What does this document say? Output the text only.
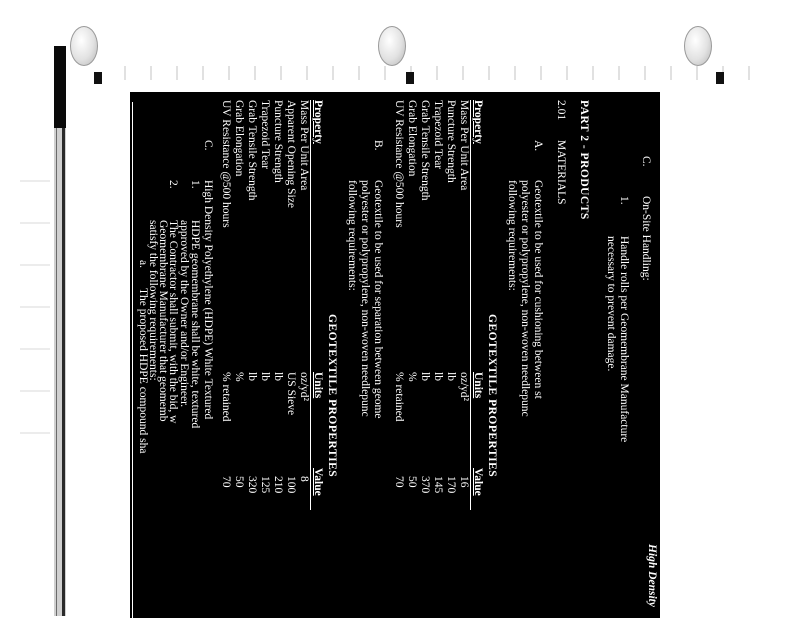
High Density
C.
On-Site Handling:
1.
Handle rolls per Geomembrane Manufacture
necessary to prevent damage.
PART 2 - PRODUCTS
2.01
MATERIALS
A.
Geotextile to be used for cushioning between st
polyester or polypropylene, non-woven needlepunc
following requirements:
GEOTEXTILE PROPERTIES
Property
Units
Value
Mass Per Unit Area
oz/yd²
16
Puncture Strength
lb
170
Trapezoid Tear
lb
145
Grab Tensile Strength
lb
370
Grab Elongation
%
50
UV Resistance @500 hours
% retained
70
B.
Geotextile to be used for separation between geome
polyester or polypropylene, non-woven needlepunc
following requirements:
GEOTEXTILE PROPERTIES
Property
Units
Value
Mass Per Unit Area
oz/yd²
8
Apparent Opening Size
US Sieve
100
Puncture Strength
lb
210
Trapezoid Tear
lb
125
Grab Tensile Strength
lb
320
Grab Elongation
%
50
UV Resistance @500 hours
% retained
70
C.
High Density Polyethylene (HDPE) White Textured
1.
HDPE geomembrane shall be white, textured
approved by the Owner and/or Engineer.
2.
The Contractor shall submit, with the bid, w
Geomembrane Manufacturer that geomemb
satisfy the following requirements:
a.
The proposed HDPE compound sha
2113 MWG - Ash Sluge Basin Liner Replacement Specifications
Section 02600-7
